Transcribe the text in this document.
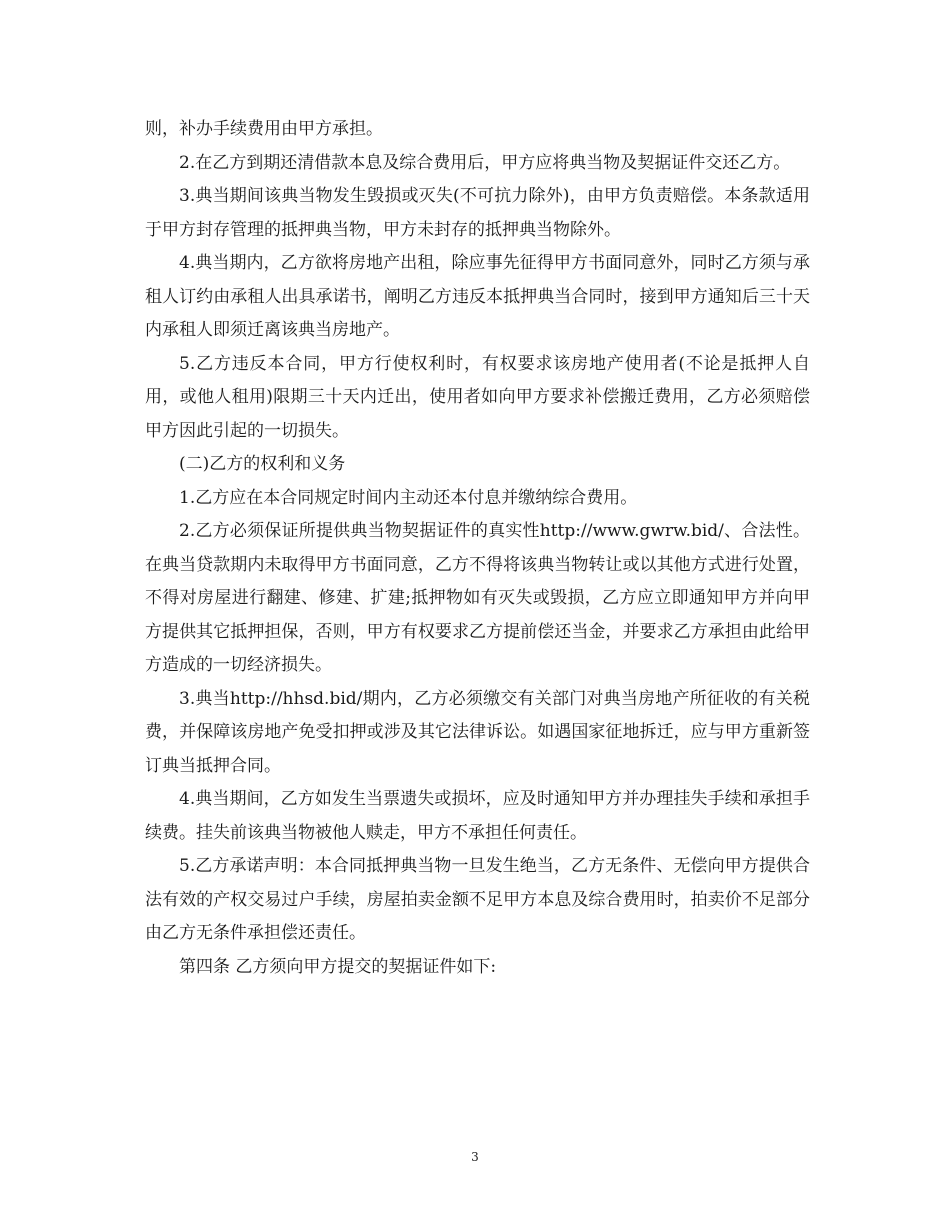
则，补办手续费用由甲方承担。

2.在乙方到期还清借款本息及综合费用后，甲方应将典当物及契据证件交还乙方。

3.典当期间该典当物发生毁损或灭失(不可抗力除外)，由甲方负责赔偿。本条款适用于甲方封存管理的抵押典当物，甲方未封存的抵押典当物除外。

4.典当期内，乙方欲将房地产出租，除应事先征得甲方书面同意外，同时乙方须与承租人订约由承租人出具承诺书，阐明乙方违反本抵押典当合同时，接到甲方通知后三十天内承租人即须迁离该典当房地产。

5.乙方违反本合同，甲方行使权利时，有权要求该房地产使用者(不论是抵押人自用，或他人租用)限期三十天内迁出，使用者如向甲方要求补偿搬迁费用，乙方必须赔偿甲方因此引起的一切损失。

(二)乙方的权利和义务

1.乙方应在本合同规定时间内主动还本付息并缴纳综合费用。

2.乙方必须保证所提供典当物契据证件的真实性http://www.gwrw.bid/、合法性。在典当贷款期内未取得甲方书面同意，乙方不得将该典当物转让或以其他方式进行处置，不得对房屋进行翻建、修建、扩建;抵押物如有灭失或毁损，乙方应立即通知甲方并向甲方提供其它抵押担保，否则，甲方有权要求乙方提前偿还当金，并要求乙方承担由此给甲方造成的一切经济损失。

3.典当http://hhsd.bid/期内，乙方必须缴交有关部门对典当房地产所征收的有关税费，并保障该房地产免受扣押或涉及其它法律诉讼。如遇国家征地拆迁，应与甲方重新签订典当抵押合同。

4.典当期间，乙方如发生当票遗失或损坏，应及时通知甲方并办理挂失手续和承担手续费。挂失前该典当物被他人赎走，甲方不承担任何责任。

5.乙方承诺声明：本合同抵押典当物一旦发生绝当，乙方无条件、无偿向甲方提供合法有效的产权交易过户手续，房屋拍卖金额不足甲方本息及综合费用时，拍卖价不足部分由乙方无条件承担偿还责任。

第四条 乙方须向甲方提交的契据证件如下:

3
